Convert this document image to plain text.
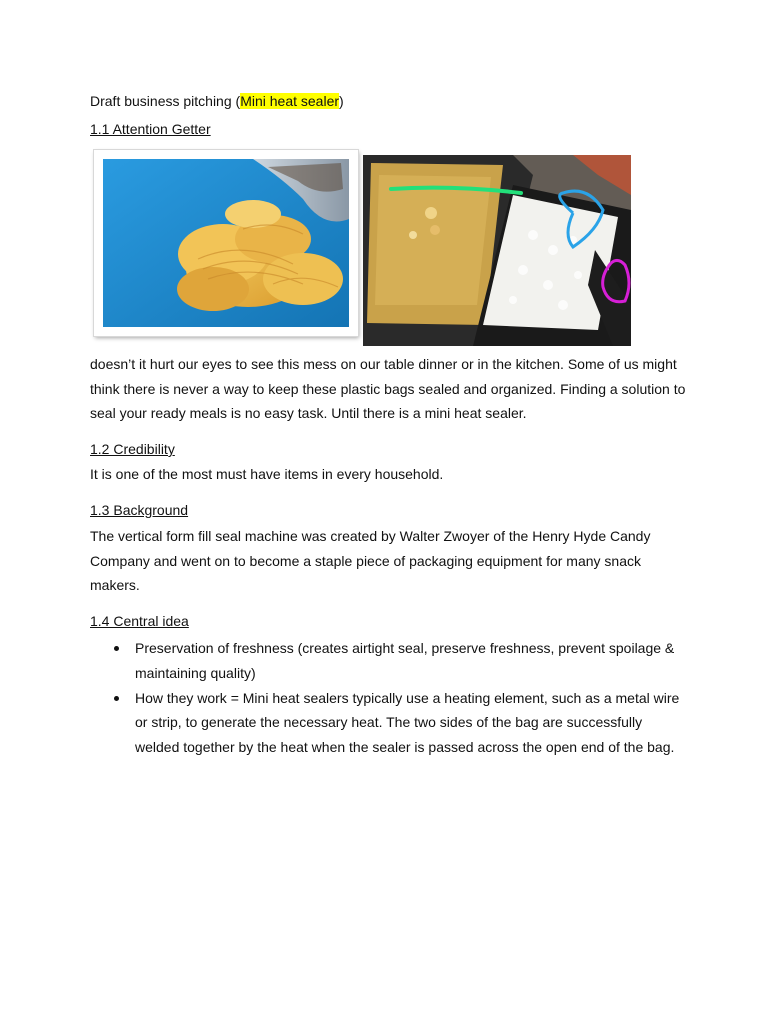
Draft business pitching (Mini heat sealer)
1.1 Attention Getter
doesn’t it hurt our eyes to see this mess on our table dinner or in the kitchen. Some of us might think there is never a way to keep these plastic bags sealed and organized. Finding a solution to seal your ready meals is no easy task. Until there is a mini heat sealer.
1.2 Credibility
It is one of the most must have items in every household.
1.3 Background
The vertical form fill seal machine was created by Walter Zwoyer of the Henry Hyde Candy Company and went on to become a staple piece of packaging equipment for many snack makers.
1.4 Central idea
Preservation of freshness (creates airtight seal, preserve freshness, prevent spoilage & maintaining quality)
How they work = Mini heat sealers typically use a heating element, such as a metal wire or strip, to generate the necessary heat. The two sides of the bag are successfully welded together by the heat when the sealer is passed across the open end of the bag.
